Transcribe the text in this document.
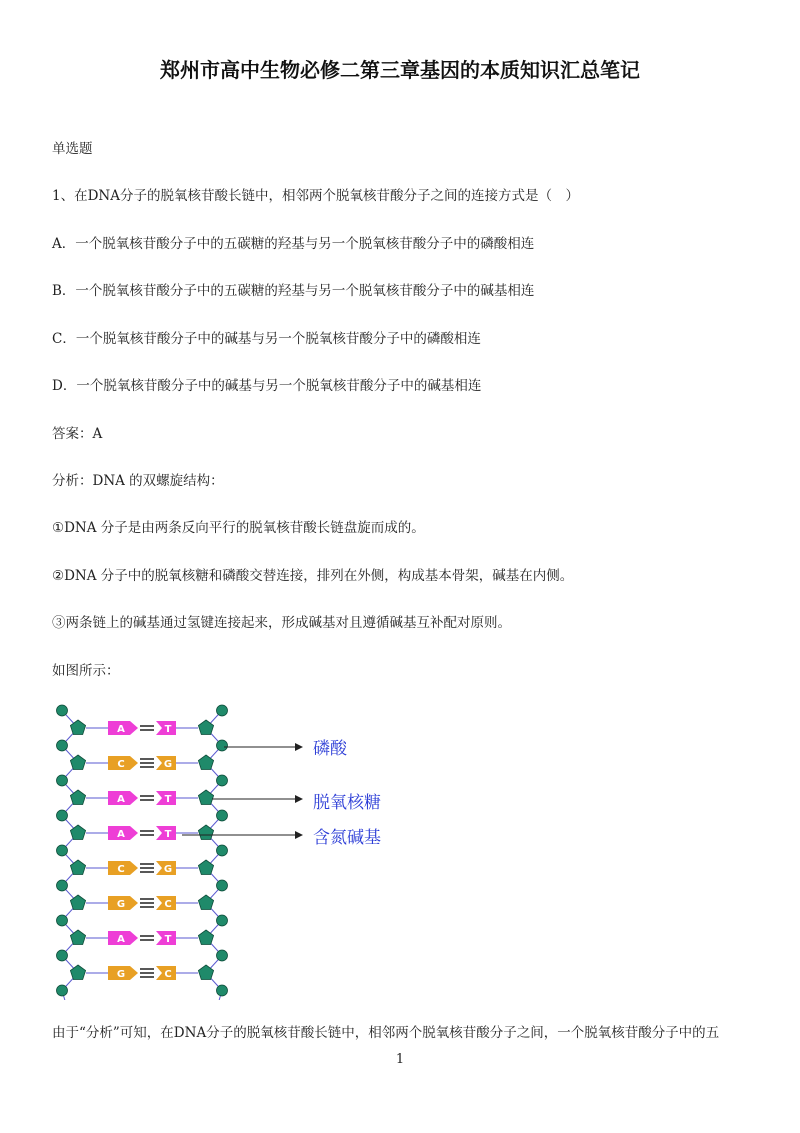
郑州市高中生物必修二第三章基因的本质知识汇总笔记
单选题
1、在DNA分子的脱氧核苷酸长链中，相邻两个脱氧核苷酸分子之间的连接方式是（　）
A．一个脱氧核苷酸分子中的五碳糖的羟基与另一个脱氧核苷酸分子中的磷酸相连
B．一个脱氧核苷酸分子中的五碳糖的羟基与另一个脱氧核苷酸分子中的碱基相连
C．一个脱氧核苷酸分子中的碱基与另一个脱氧核苷酸分子中的磷酸相连
D．一个脱氧核苷酸分子中的碱基与另一个脱氧核苷酸分子中的碱基相连
答案：A
分析：DNA 的双螺旋结构：
①DNA 分子是由两条反向平行的脱氧核苷酸长链盘旋而成的。
②DNA 分子中的脱氧核糖和磷酸交替连接，排列在外侧，构成基本骨架，碱基在内侧。
③两条链上的碱基通过氢键连接起来，形成碱基对且遵循碱基互补配对原则。
如图所示：
A	T
C	G
A	T
A	T
C	G
G	C
A	T
G	C
磷酸
脱氧核糖
含氮碱基
由于“分析”可知，在DNA分子的脱氧核苷酸长链中，相邻两个脱氧核苷酸分子之间，一个脱氧核苷酸分子中的五
1
